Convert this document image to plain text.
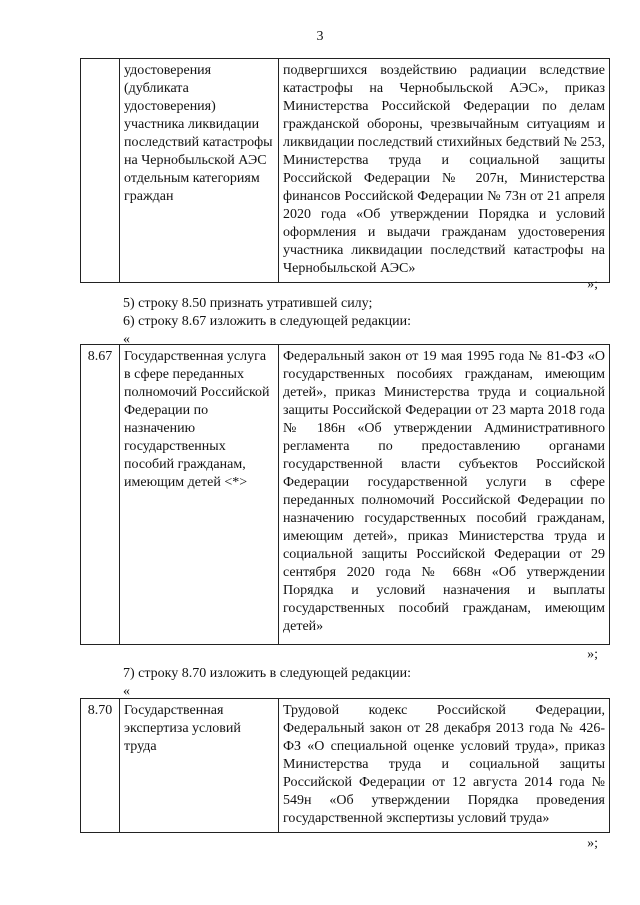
3
	удостоверения (дубликата удостоверения) участника ликвидации последствий катастрофы на Чернобыльской АЭС отдельным категориям граждан	подвергшихся воздействию радиации вследствие катастрофы на Чернобыльской АЭС», приказ Министерства Российской Федерации по делам гражданской обороны, чрезвычайным ситуациям и ликвидации последствий стихийных бедствий № 253, Министерства труда и социальной защиты Российской Федерации № 207н, Министерства финансов Российской Федерации № 73н от 21 апреля 2020 года «Об утверждении Порядка и условий оформления и выдачи гражданам удостоверения участника ликвидации последствий катастрофы на Чернобыльской АЭС»
»;
5) строку 8.50 признать утратившей силу;
6) строку 8.67 изложить в следующей редакции:
«
8.67	Государственная услуга в сфере переданных полномочий Российской Федерации по назначению государственных пособий гражданам, имеющим детей <*>	Федеральный закон от 19 мая 1995 года № 81-ФЗ «О государственных пособиях гражданам, имеющим детей», приказ Министерства труда и социальной защиты Российской Федерации от 23 марта 2018 года № 186н «Об утверждении Административного регламента по предоставлению органами государственной власти субъектов Российской Федерации государственной услуги в сфере переданных полномочий Российской Федерации по назначению государственных пособий гражданам, имеющим детей», приказ Министерства труда и социальной защиты Российской Федерации от 29 сентября 2020 года № 668н «Об утверждении Порядка и условий назначения и выплаты государственных пособий гражданам, имеющим детей»
»;
7) строку 8.70 изложить в следующей редакции:
«
8.70	Государственная экспертиза условий труда	Трудовой кодекс Российской Федерации, Федеральный закон от 28 декабря 2013 года № 426-ФЗ «О специальной оценке условий труда», приказ Министерства труда и социальной защиты Российской Федерации от 12 августа 2014 года № 549н «Об утверждении Порядка проведения государственной экспертизы условий труда»
»;
